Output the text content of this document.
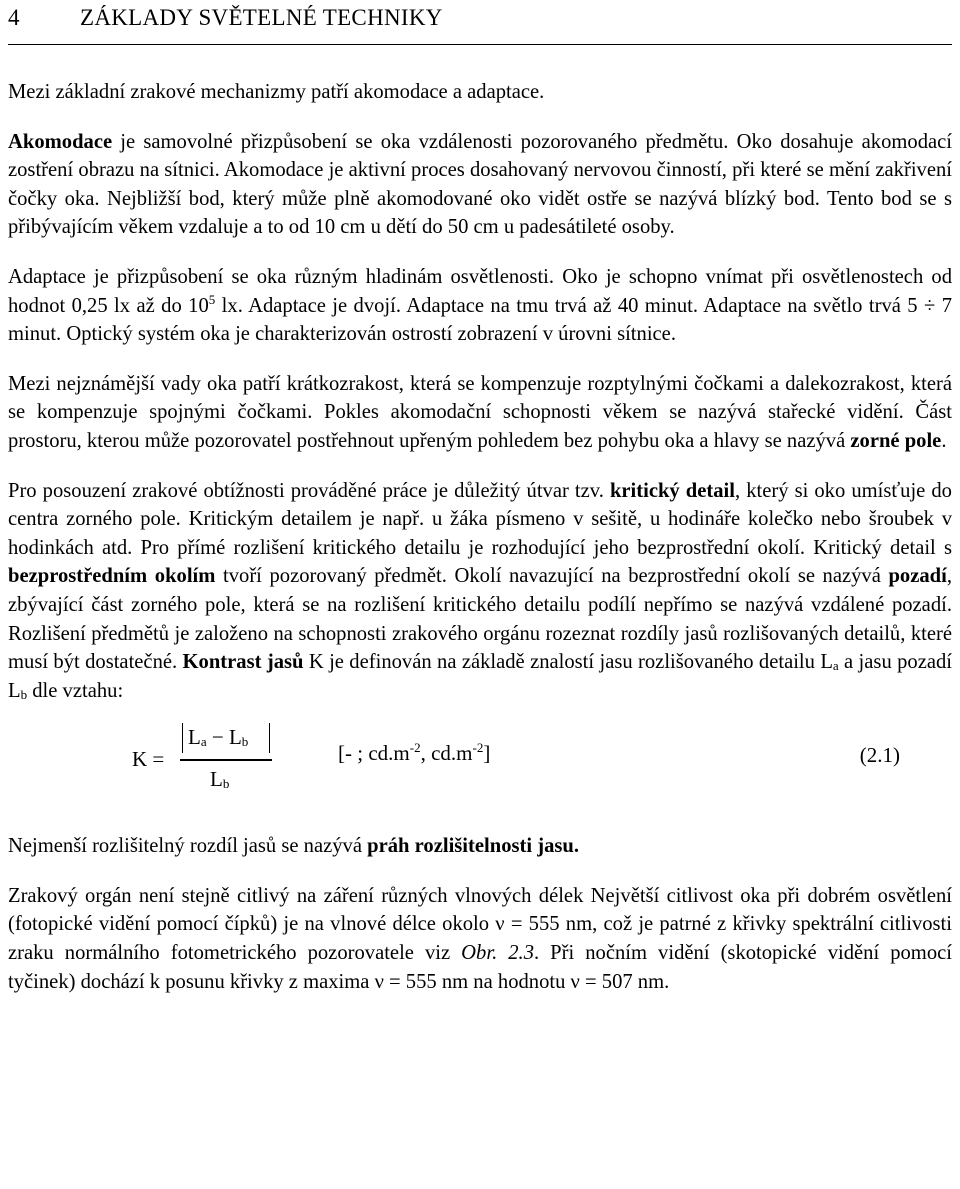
4	ZÁKLADY SVĚTELNÉ TECHNIKY

Mezi základní zrakové mechanizmy patří akomodace a adaptace.

Akomodace je samovolné přizpůsobení se oka vzdálenosti pozorovaného předmětu. Oko dosahuje akomodací zostření obrazu na sítnici. Akomodace je aktivní proces dosahovaný nervovou činností, při které se mění zakřivení čočky oka. Nejbližší bod, který může plně akomodované oko vidět ostře se nazývá blízký bod. Tento bod se s přibývajícím věkem vzdaluje a to od 10 cm u dětí do 50 cm u padesátileté osoby.

Adaptace je přizpůsobení se oka různým hladinám osvětlenosti. Oko je schopno vnímat při osvětlenostech od hodnot 0,25 lx až do $10^5$ lx. Adaptace je dvojí. Adaptace na tmu trvá až 40 minut. Adaptace na světlo trvá 5 ÷ 7 minut. Optický systém oka je charakterizován ostrostí zobrazení v úrovni sítnice.

Mezi nejznámější vady oka patří krátkozrakost, která se kompenzuje rozptylnými čočkami a dalekozrakost, která se kompenzuje spojnými čočkami. Pokles akomodační schopnosti věkem se nazývá stařecké vidění. Část prostoru, kterou může pozorovatel postřehnout upřeným pohledem bez pohybu oka a hlavy se nazývá zorné pole.

Pro posouzení zrakové obtížnosti prováděné práce je důležitý útvar tzv. kritický detail, který si oko umísťuje do centra zorného pole. Kritickým detailem je např. u žáka písmeno v sešitě, u hodináře kolečko nebo šroubek v hodinkách atd. Pro přímé rozlišení kritického detailu je rozhodující jeho bezprostřední okolí. Kritický detail s bezprostředním okolím tvoří pozorovaný předmět. Okolí navazující na bezprostřední okolí se nazývá pozadí, zbývající část zorného pole, která se na rozlišení kritického detailu podílí nepřímo se nazývá vzdálené pozadí. Rozlišení předmětů je založeno na schopnosti zrakového orgánu rozeznat rozdíly jasů rozlišovaných detailů, které musí být dostatečné. Kontrast jasů K je definován na základě znalostí jasu rozlišovaného detailu $L_a$ a jasu pozadí $L_b$ dle vztahu:

K =
$L_a - L_b$
$L_b$
[- ; $cd.m^{-2}$, $cd.m^{-2}$]	(2.1)

Nejmenší rozlišitelný rozdíl jasů se nazývá práh rozlišitelnosti jasu.

Zrakový orgán není stejně citlivý na záření různých vlnových délek Největší citlivost oka při dobrém osvětlení (fotopické vidění pomocí čípků) je na vlnové délce okolo ν = 555 nm, což je patrné z křivky spektrální citlivosti zraku normálního fotometrického pozorovatele viz Obr. 2.3. Při nočním vidění (skotopické vidění pomocí tyčinek) dochází k posunu křivky z maxima ν = 555 nm na hodnotu ν = 507 nm.
